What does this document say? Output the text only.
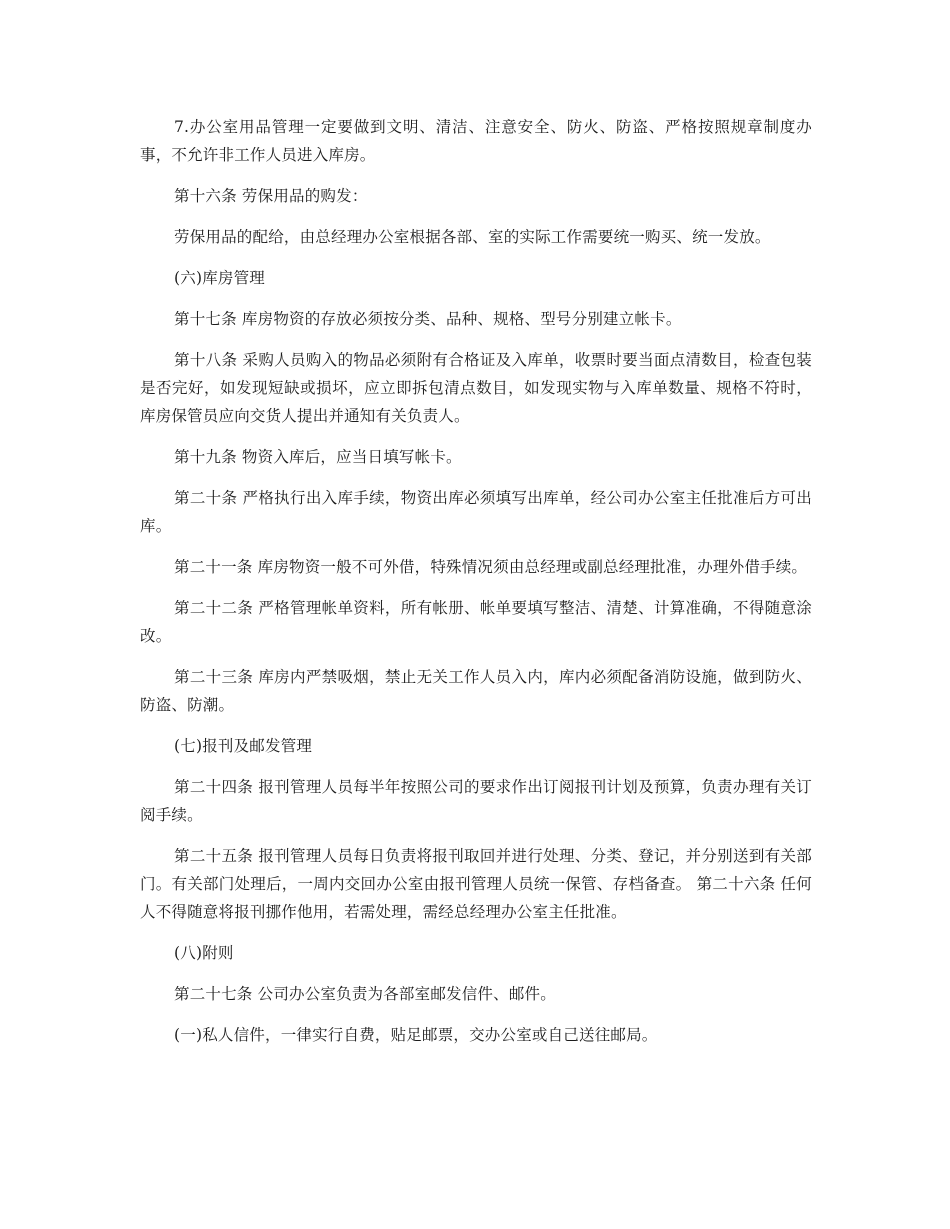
7.办公室用品管理一定要做到文明、清洁、注意安全、防火、防盗、严格按照规章制度办事，不允许非工作人员进入库房。

第十六条 劳保用品的购发：

劳保用品的配给，由总经理办公室根据各部、室的实际工作需要统一购买、统一发放。

(六)库房管理

第十七条 库房物资的存放必须按分类、品种、规格、型号分别建立帐卡。

第十八条 采购人员购入的物品必须附有合格证及入库单，收票时要当面点清数目，检查包装是否完好，如发现短缺或损坏，应立即拆包清点数目，如发现实物与入库单数量、规格不符时，库房保管员应向交货人提出并通知有关负责人。

第十九条 物资入库后，应当日填写帐卡。

第二十条 严格执行出入库手续，物资出库必须填写出库单，经公司办公室主任批准后方可出库。

第二十一条 库房物资一般不可外借，特殊情况须由总经理或副总经理批准，办理外借手续。

第二十二条 严格管理帐单资料，所有帐册、帐单要填写整洁、清楚、计算准确，不得随意涂改。

第二十三条 库房内严禁吸烟，禁止无关工作人员入内，库内必须配备消防设施，做到防火、防盗、防潮。

(七)报刊及邮发管理

第二十四条 报刊管理人员每半年按照公司的要求作出订阅报刊计划及预算，负责办理有关订阅手续。

第二十五条 报刊管理人员每日负责将报刊取回并进行处理、分类、登记，并分别送到有关部门。有关部门处理后，一周内交回办公室由报刊管理人员统一保管、存档备查。 第二十六条 任何人不得随意将报刊挪作他用，若需处理，需经总经理办公室主任批准。

(八)附则

第二十七条 公司办公室负责为各部室邮发信件、邮件。

(一)私人信件，一律实行自费，贴足邮票，交办公室或自己送往邮局。
